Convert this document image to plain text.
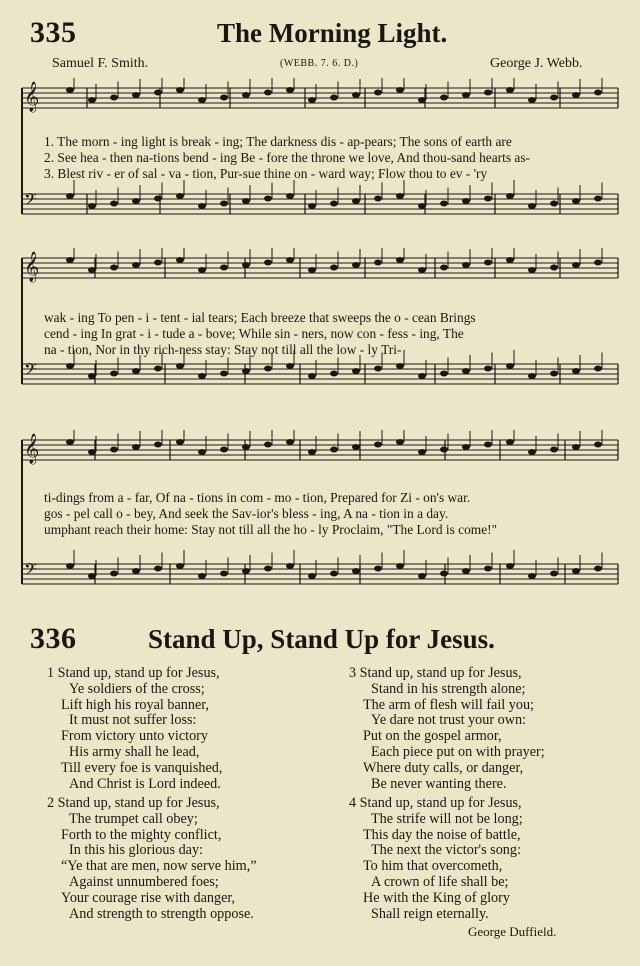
335	The Morning Light.
Samuel F. Smith.	(WEBB. 7. 6. D.)	George J. Webb.
𝄞
𝄢
1. The morn - ing light is break - ing; The darkness dis - ap-pears; The sons of earth are
2. See hea - then na-tions bend - ing Be - fore the throne we love, And thou-sand hearts as-
3. Blest riv - er of sal - va - tion, Pur-sue thine on - ward way; Flow thou to ev - 'ry
𝄞
𝄢
wak - ing To pen - i - tent - ial tears; Each breeze that sweeps the o - cean Brings
cend - ing In grat - i - tude a - bove; While sin - ners, now con - fess - ing, The
na - tion, Nor in thy rich-ness stay: Stay not till all the low - ly Tri-
𝄞
𝄢
ti-dings from a - far, Of na - tions in com - mo - tion, Prepared for Zi - on's war.
gos - pel call o - bey, And seek the Sav-ior's bless - ing, A na - tion in a day.
umphant reach their home: Stay not till all the ho - ly Proclaim, "The Lord is come!"
336	Stand Up, Stand Up for Jesus.
1 Stand up, stand up for Jesus,
Ye soldiers of the cross;
Lift high his royal banner,
It must not suffer loss:
From victory unto victory
His army shall he lead,
Till every foe is vanquished,
And Christ is Lord indeed.
2 Stand up, stand up for Jesus,
The trumpet call obey;
Forth to the mighty conflict,
In this his glorious day:
“Ye that are men, now serve him,”
Against unnumbered foes;
Your courage rise with danger,
And strength to strength oppose.
3 Stand up, stand up for Jesus,
Stand in his strength alone;
The arm of flesh will fail you;
Ye dare not trust your own:
Put on the gospel armor,
Each piece put on with prayer;
Where duty calls, or danger,
Be never wanting there.
4 Stand up, stand up for Jesus,
The strife will not be long;
This day the noise of battle,
The next the victor's song:
To him that overcometh,
A crown of life shall be;
He with the King of glory
Shall reign eternally.
George Duffield.
